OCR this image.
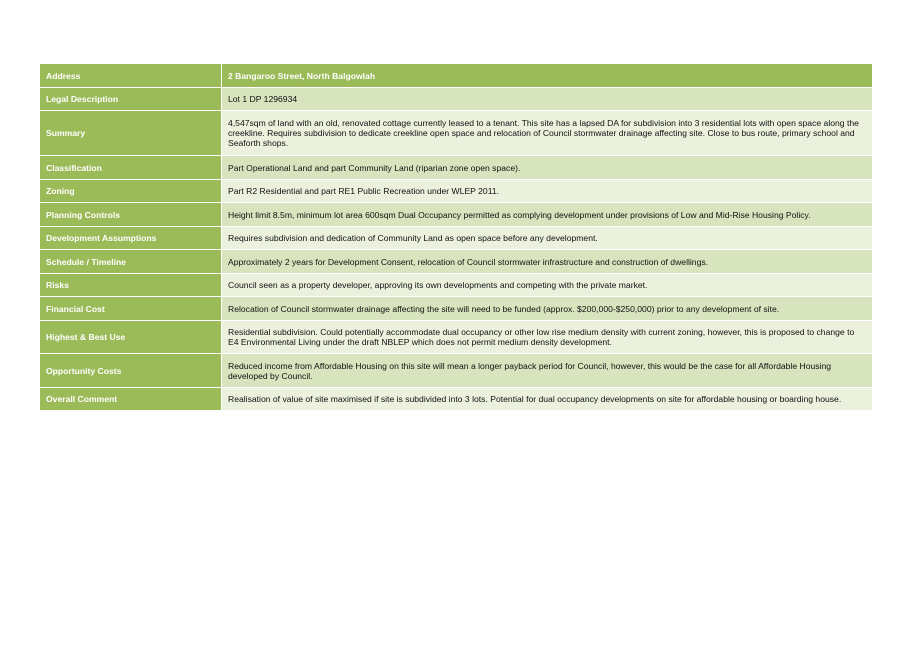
Address	2 Bangaroo Street, North Balgowlah
Legal Description	Lot 1 DP 1296934
Summary	4,547sqm of land with an old, renovated cottage currently leased to a tenant. This site has a lapsed DA for subdivision into 3 residential lots with open space along the creekline. Requires subdivision to dedicate creekline open space and relocation of Council stormwater drainage affecting site. Close to bus route, primary school and Seaforth shops.
Classification	Part Operational Land and part Community Land (riparian zone open space).
Zoning	Part R2 Residential and part RE1 Public Recreation under WLEP 2011.
Planning Controls	Height limit 8.5m, minimum lot area 600sqm Dual Occupancy permitted as complying development under provisions of Low and Mid-Rise Housing Policy.
Development Assumptions	Requires subdivision and dedication of Community Land as open space before any development.
Schedule / Timeline	Approximately 2 years for Development Consent, relocation of Council stormwater infrastructure and construction of dwellings.
Risks	Council seen as a property developer, approving its own developments and competing with the private market.
Financial Cost	Relocation of Council stormwater drainage affecting the site will need to be funded (approx. $200,000-$250,000) prior to any development of site.
Highest & Best Use	Residential subdivision. Could potentially accommodate dual occupancy or other low rise medium density with current zoning, however, this is proposed to change to E4 Environmental Living under the draft NBLEP which does not permit medium density development.
Opportunity Costs	Reduced income from Affordable Housing on this site will mean a longer payback period for Council, however, this would be the case for all Affordable Housing developed by Council.
Overall Comment	Realisation of value of site maximised if site is subdivided into 3 lots. Potential for dual occupancy developments on site for affordable housing or boarding house.
